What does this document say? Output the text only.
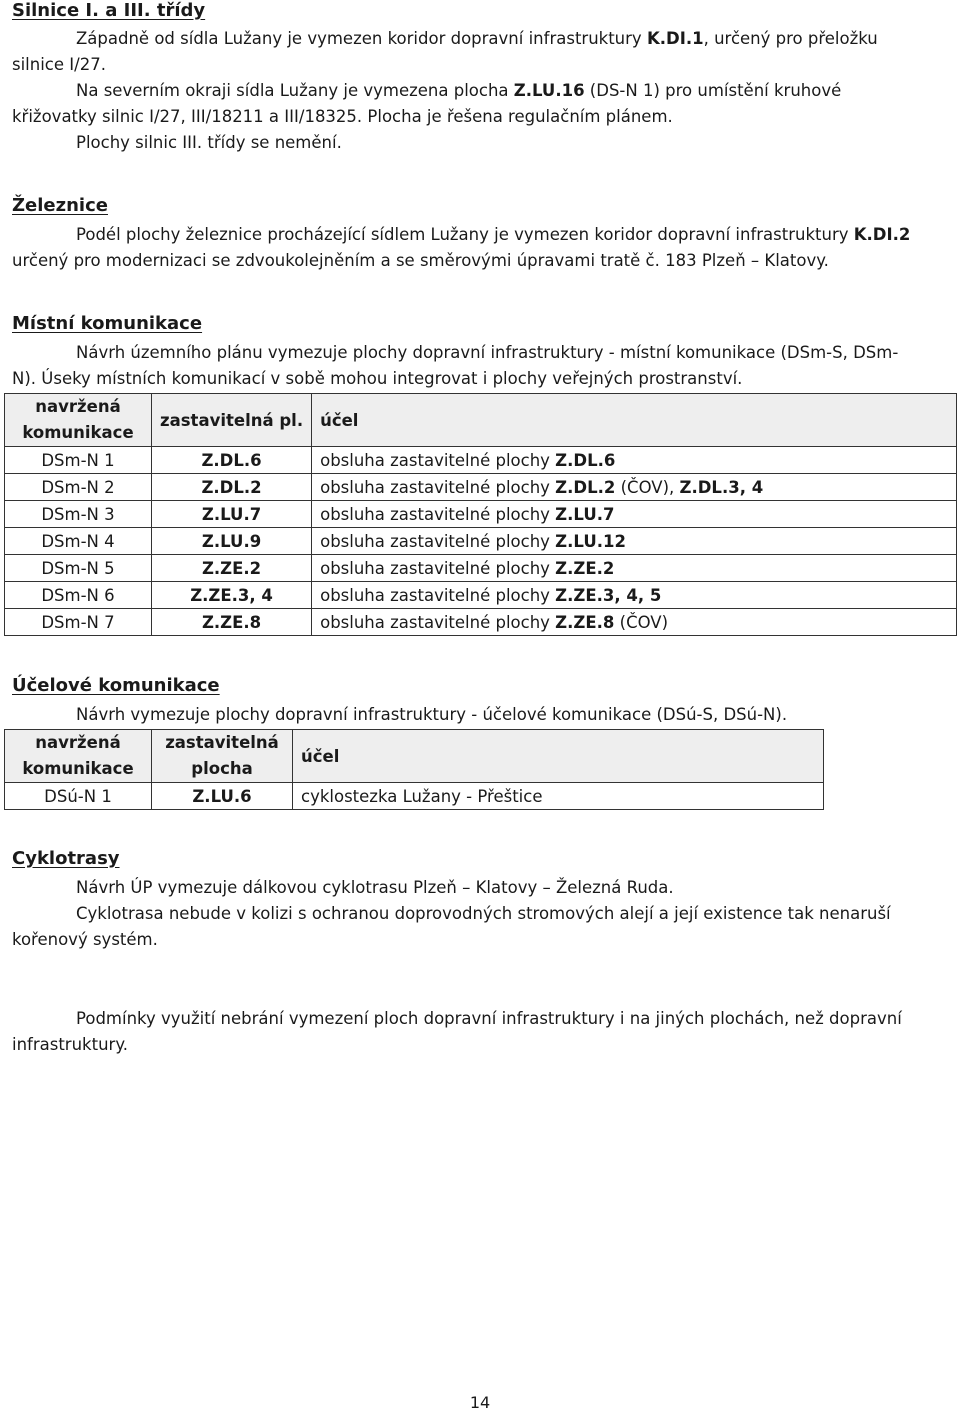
Silnice I. a III. třídy
Západně od sídla Lužany je vymezen koridor dopravní infrastruktury K.DI.1, určený pro přeložku
silnice I/27.
Na severním okraji sídla Lužany je vymezena plocha Z.LU.16 (DS-N 1) pro umístění kruhové
křižovatky silnic I/27, III/18211 a III/18325. Plocha je řešena regulačním plánem.
Plochy silnic III. třídy se nemění.
Železnice
Podél plochy železnice procházející sídlem Lužany je vymezen koridor dopravní infrastruktury K.DI.2
určený pro modernizaci se zdvoukolejněním a se směrovými úpravami tratě č. 183 Plzeň – Klatovy.
Místní komunikace
Návrh územního plánu vymezuje plochy dopravní infrastruktury - místní komunikace (DSm-S, DSm-
N). Úseky místních komunikací v sobě mohou integrovat i plochy veřejných prostranství.
navržená komunikace	zastavitelná pl.	účel
DSm-N 1	Z.DL.6	obsluha zastavitelné plochy Z.DL.6
DSm-N 2	Z.DL.2	obsluha zastavitelné plochy Z.DL.2 (ČOV), Z.DL.3, 4
DSm-N 3	Z.LU.7	obsluha zastavitelné plochy Z.LU.7
DSm-N 4	Z.LU.9	obsluha zastavitelné plochy Z.LU.12
DSm-N 5	Z.ZE.2	obsluha zastavitelné plochy Z.ZE.2
DSm-N 6	Z.ZE.3, 4	obsluha zastavitelné plochy Z.ZE.3, 4, 5
DSm-N 7	Z.ZE.8	obsluha zastavitelné plochy Z.ZE.8 (ČOV)
Účelové komunikace
Návrh vymezuje plochy dopravní infrastruktury - účelové komunikace (DSú-S, DSú-N).
navržená komunikace	zastavitelná plocha	účel
DSú-N 1	Z.LU.6	cyklostezka Lužany - Přeštice
Cyklotrasy
Návrh ÚP vymezuje dálkovou cyklotrasu Plzeň – Klatovy – Železná Ruda.
Cyklotrasa nebude v kolizi s ochranou doprovodných stromových alejí a její existence tak nenaruší
kořenový systém.
Podmínky využití nebrání vymezení ploch dopravní infrastruktury i na jiných plochách, než dopravní
infrastruktury.
14
